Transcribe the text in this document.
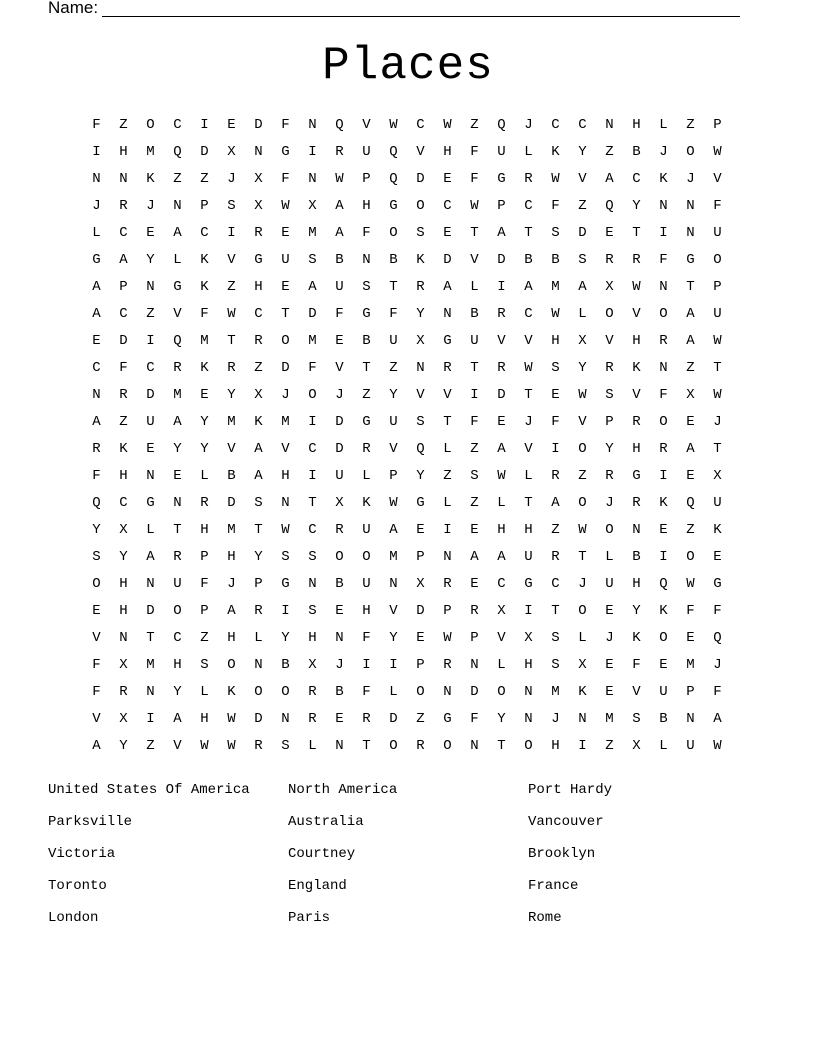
Name:
Places
F	Z	O	C	I	E	D	F	N	Q	V	W	C	W	Z	Q	J	C	C	N	H	L	Z	P
I	H	M	Q	D	X	N	G	I	R	U	Q	V	H	F	U	L	K	Y	Z	B	J	O	W
N	N	K	Z	Z	J	X	F	N	W	P	Q	D	E	F	G	R	W	V	A	C	K	J	V
J	R	J	N	P	S	X	W	X	A	H	G	O	C	W	P	C	F	Z	Q	Y	N	N	F
L	C	E	A	C	I	R	E	M	A	F	O	S	E	T	A	T	S	D	E	T	I	N	U
G	A	Y	L	K	V	G	U	S	B	N	B	K	D	V	D	B	B	S	R	R	F	G	O
A	P	N	G	K	Z	H	E	A	U	S	T	R	A	L	I	A	M	A	X	W	N	T	P
A	C	Z	V	F	W	C	T	D	F	G	F	Y	N	B	R	C	W	L	O	V	O	A	U
E	D	I	Q	M	T	R	O	M	E	B	U	X	G	U	V	V	H	X	V	H	R	A	W
C	F	C	R	K	R	Z	D	F	V	T	Z	N	R	T	R	W	S	Y	R	K	N	Z	T
N	R	D	M	E	Y	X	J	O	J	Z	Y	V	V	I	D	T	E	W	S	V	F	X	W
A	Z	U	A	Y	M	K	M	I	D	G	U	S	T	F	E	J	F	V	P	R	O	E	J
R	K	E	Y	Y	V	A	V	C	D	R	V	Q	L	Z	A	V	I	O	Y	H	R	A	T
F	H	N	E	L	B	A	H	I	U	L	P	Y	Z	S	W	L	R	Z	R	G	I	E	X
Q	C	G	N	R	D	S	N	T	X	K	W	G	L	Z	L	T	A	O	J	R	K	Q	U
Y	X	L	T	H	M	T	W	C	R	U	A	E	I	E	H	H	Z	W	O	N	E	Z	K
S	Y	A	R	P	H	Y	S	S	O	O	M	P	N	A	A	U	R	T	L	B	I	O	E
O	H	N	U	F	J	P	G	N	B	U	N	X	R	E	C	G	C	J	U	H	Q	W	G
E	H	D	O	P	A	R	I	S	E	H	V	D	P	R	X	I	T	O	E	Y	K	F	F
V	N	T	C	Z	H	L	Y	H	N	F	Y	E	W	P	V	X	S	L	J	K	O	E	Q
F	X	M	H	S	O	N	B	X	J	I	I	P	R	N	L	H	S	X	E	F	E	M	J
F	R	N	Y	L	K	O	O	R	B	F	L	O	N	D	O	N	M	K	E	V	U	P	F
V	X	I	A	H	W	D	N	R	E	R	D	Z	G	F	Y	N	J	N	M	S	B	N	A
A	Y	Z	V	W	W	R	S	L	N	T	O	R	O	N	T	O	H	I	Z	X	L	U	W
United States Of America	North America	Port Hardy
Parksville	Australia	Vancouver
Victoria	Courtney	Brooklyn
Toronto	England	France
London	Paris	Rome
